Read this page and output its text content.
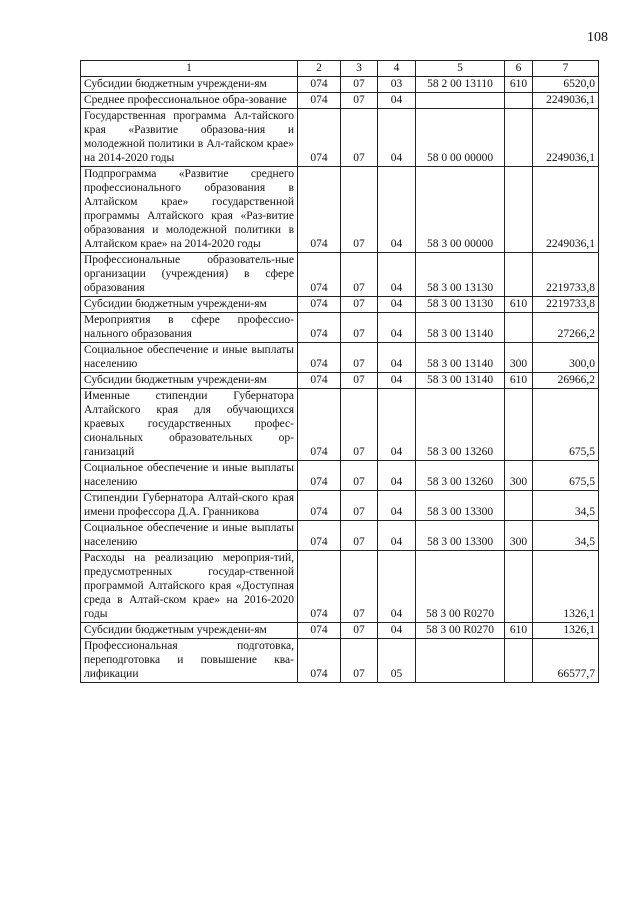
108
1	2	3	4	5	6	7
Субсидии бюджетным учреждени-ям	074	07	03	58 2 00 13110	610	6520,0
Среднее профессиональное обра-зование	074	07	04			2249036,1
Государственная программа Ал-тайского края «Развитие образова-ния и молодежной политики в Ал-тайском крае» на 2014-2020 годы	074	07	04	58 0 00 00000		2249036,1
Подпрограмма «Развитие среднего профессионального образования в Алтайском крае» государственной программы Алтайского края «Раз-витие образования и молодежной политики в Алтайском крае» на 2014-2020 годы	074	07	04	58 3 00 00000		2249036,1
Профессиональные образователь-ные организации (учреждения) в сфере образования	074	07	04	58 3 00 13130		2219733,8
Субсидии бюджетным учреждени-ям	074	07	04	58 3 00 13130	610	2219733,8
Мероприятия в сфере профессио-нального образования	074	07	04	58 3 00 13140		27266,2
Социальное обеспечение и иные выплаты населению	074	07	04	58 3 00 13140	300	300,0
Субсидии бюджетным учреждени-ям	074	07	04	58 3 00 13140	610	26966,2
Именные стипендии Губернатора Алтайского края для обучающихся краевых государственных профес-сиональных образовательных ор-ганизаций	074	07	04	58 3 00 13260		675,5
Социальное обеспечение и иные выплаты населению	074	07	04	58 3 00 13260	300	675,5
Стипендии Губернатора Алтай-ского края имени профессора Д.А. Гранникова	074	07	04	58 3 00 13300		34,5
Социальное обеспечение и иные выплаты населению	074	07	04	58 3 00 13300	300	34,5
Расходы на реализацию мероприя-тий, предусмотренных государ-ственной программой Алтайского края «Доступная среда в Алтай-ском крае» на 2016-2020 годы	074	07	04	58 3 00 R0270		1326,1
Субсидии бюджетным учреждени-ям	074	07	04	58 3 00 R0270	610	1326,1
Профессиональная подготовка, переподготовка и повышение ква-лификации	074	07	05			66577,7
